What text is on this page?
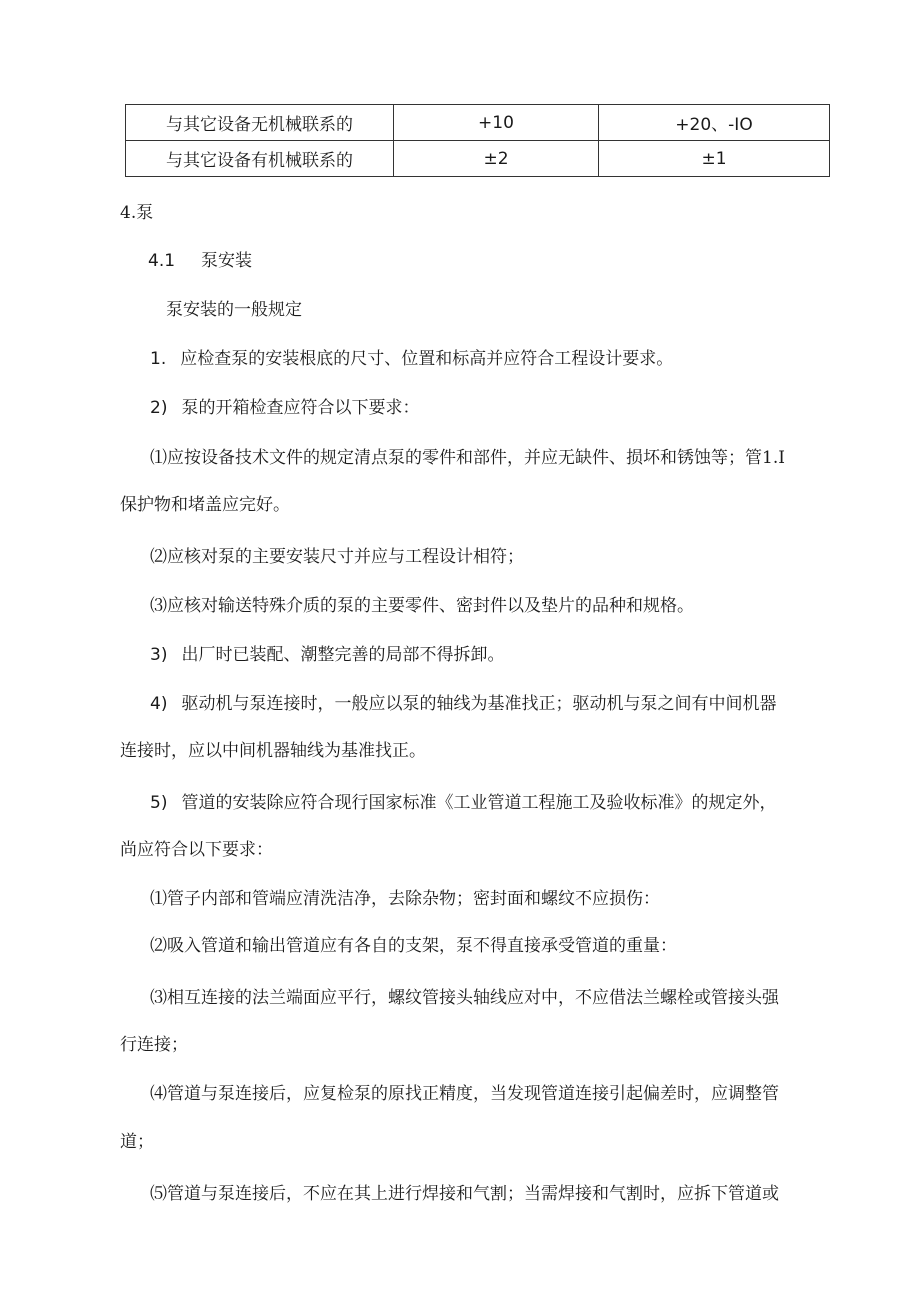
与其它设备无机械联系的	+10	+20、-IO
与其它设备有机械联系的	±2	±1
4.泵
4.1 泵安装
泵安装的一般规定
1. 应检查泵的安装根底的尺寸、位置和标高并应符合工程设计要求。
2) 泵的开箱检查应符合以下要求：
⑴应按设备技术文件的规定清点泵的零件和部件，并应无缺件、损坏和锈蚀等；管1.I
保护物和堵盖应完好。
⑵应核对泵的主要安装尺寸并应与工程设计相符；
⑶应核对输送特殊介质的泵的主要零件、密封件以及垫片的品种和规格。
3) 出厂时已装配、潮整完善的局部不得拆卸。
4) 驱动机与泵连接时，一般应以泵的轴线为基准找正；驱动机与泵之间有中间机器
连接时，应以中间机器轴线为基准找正。
5) 管道的安装除应符合现行国家标准《工业管道工程施工及验收标准》的规定外，
尚应符合以下要求：
⑴管子内部和管端应清洗洁净，去除杂物；密封面和螺纹不应损伤：
⑵吸入管道和输出管道应有各自的支架，泵不得直接承受管道的重量：
⑶相互连接的法兰端面应平行，螺纹管接头轴线应对中，不应借法兰螺栓或管接头强
行连接；
⑷管道与泵连接后，应复检泵的原找正精度，当发现管道连接引起偏差时，应调整管
道；
⑸管道与泵连接后，不应在其上进行焊接和气割；当需焊接和气割时，应拆下管道或
